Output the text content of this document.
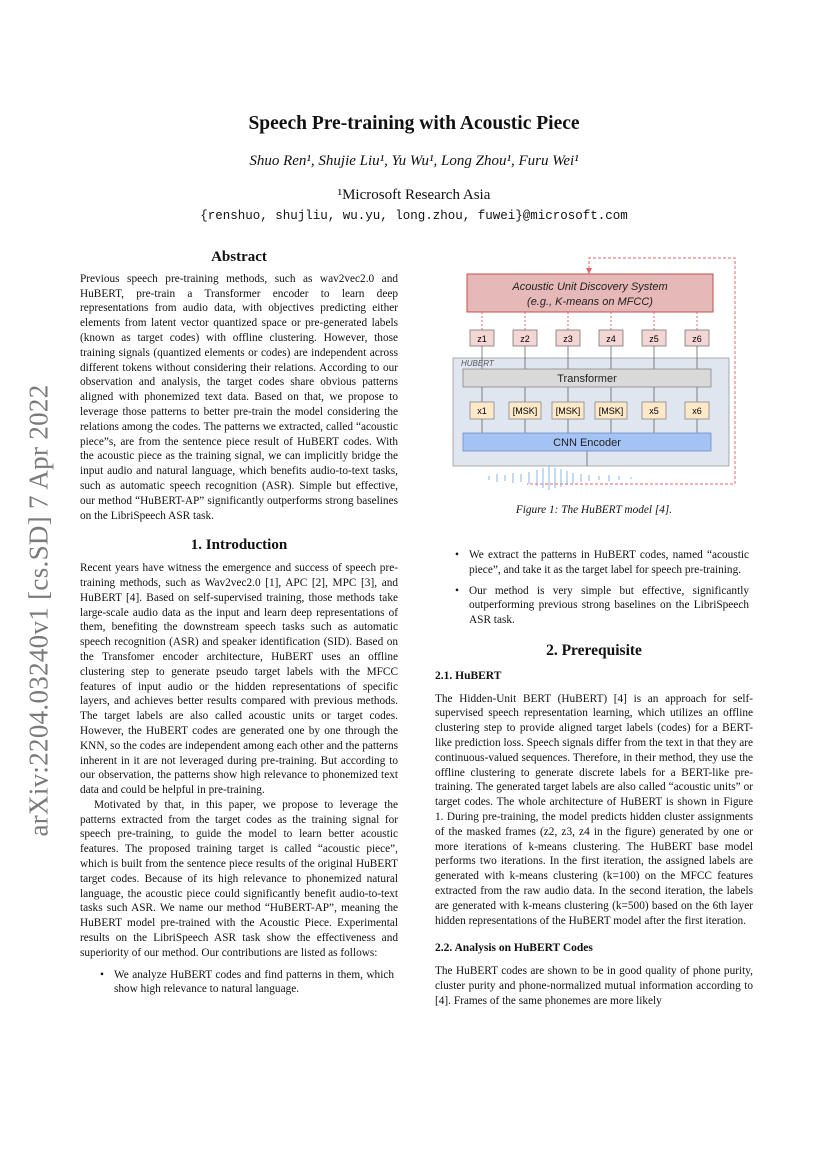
arXiv:2204.03240v1 [cs.SD] 7 Apr 2022
Speech Pre-training with Acoustic Piece
Shuo Ren¹, Shujie Liu¹, Yu Wu¹, Long Zhou¹, Furu Wei¹
¹Microsoft Research Asia
{renshuo, shujliu, wu.yu, long.zhou, fuwei}@microsoft.com

Abstract

Previous speech pre-training methods, such as wav2vec2.0 and HuBERT, pre-train a Transformer encoder to learn deep representations from audio data, with objectives predicting either elements from latent vector quantized space or pre-generated labels (known as target codes) with offline clustering. However, those training signals (quantized elements or codes) are independent across different tokens without considering their relations. According to our observation and analysis, the target codes share obvious patterns aligned with phonemized text data. Based on that, we propose to leverage those patterns to better pre-train the model considering the relations among the codes. The patterns we extracted, called “acoustic piece”s, are from the sentence piece result of HuBERT codes. With the acoustic piece as the training signal, we can implicitly bridge the input audio and natural language, which benefits audio-to-text tasks, such as automatic speech recognition (ASR). Simple but effective, our method “HuBERT-AP” significantly outperforms strong baselines on the LibriSpeech ASR task.

1. Introduction

Recent years have witness the emergence and success of speech pre-training methods, such as Wav2vec2.0 [1], APC [2], MPC [3], and HuBERT [4]. Based on self-supervised training, those methods take large-scale audio data as the input and learn deep representations of them, benefiting the downstream speech tasks such as automatic speech recognition (ASR) and speaker identification (SID). Based on the Transfomer encoder architecture, HuBERT uses an offline clustering step to generate pseudo target labels with the MFCC features of input audio or the hidden representations of specific layers, and achieves better results compared with previous methods. The target labels are also called acoustic units or target codes. However, the HuBERT codes are generated one by one through the KNN, so the codes are independent among each other and the patterns inherent in it are not leveraged during pre-training. But according to our observation, the patterns show high relevance to phonemized text data and could be helpful in pre-training.

Motivated by that, in this paper, we propose to leverage the patterns extracted from the target codes as the training signal for speech pre-training, to guide the model to learn better acoustic features. The proposed training target is called “acoustic piece”, which is built from the sentence piece results of the original HuBERT target codes. Because of its high relevance to phonemized natural language, the acoustic piece could significantly benefit audio-to-text tasks such ASR. We name our method “HuBERT-AP”, meaning the HuBERT model pre-trained with the Acoustic Piece. Experimental results on the LibriSpeech ASR task show the effectiveness and superiority of our method. Our contributions are listed as follows:

• We analyze HuBERT codes and find patterns in them, which show high relevance to natural language.
Acoustic Unit Discovery System
(e.g., K-means on MFCC)
z1	z2	z3	z4	z5	z6
HUBERT
Transformer
x1	[MSK] [MSK] [MSK]	x5	x6
CNN Encoder
Figure 1: The HuBERT model [4].
• We extract the patterns in HuBERT codes, named “acoustic piece”, and take it as the target label for speech pre-training.
• Our method is very simple but effective, significantly outperforming previous strong baselines on the LibriSpeech ASR task.

2. Prerequisite

2.1. HuBERT

The Hidden-Unit BERT (HuBERT) [4] is an approach for self-supervised speech representation learning, which utilizes an offline clustering step to provide aligned target labels (codes) for a BERT-like prediction loss. Speech signals differ from the text in that they are continuous-valued sequences. Therefore, in their method, they use the offline clustering to generate discrete labels for a BERT-like pre-training. The generated target labels are also called “acoustic units” or target codes. The whole architecture of HuBERT is shown in Figure 1. During pre-training, the model predicts hidden cluster assignments of the masked frames (z2, z3, z4 in the figure) generated by one or more iterations of k-means clustering. The HuBERT base model performs two iterations. In the first iteration, the assigned labels are generated with k-means clustering (k=100) on the MFCC features extracted from the raw audio data. In the second iteration, the labels are generated with k-means clustering (k=500) based on the 6th layer hidden representations of the HuBERT model after the first iteration.

2.2. Analysis on HuBERT Codes

The HuBERT codes are shown to be in good quality of phone purity, cluster purity and phone-normalized mutual information according to [4]. Frames of the same phonemes are more likely
